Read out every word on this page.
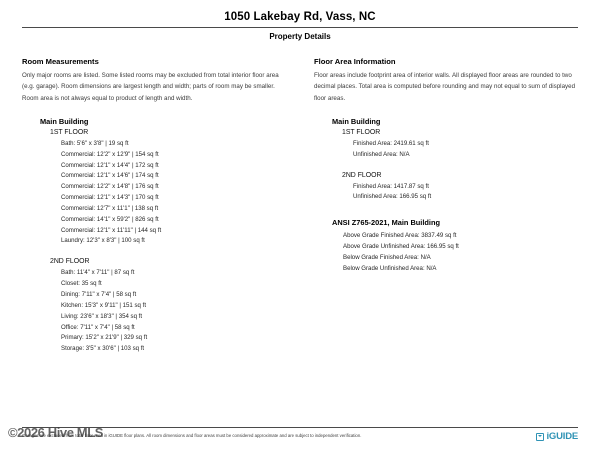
1050 Lakebay Rd, Vass, NC
Property Details
Room Measurements

Only major rooms are listed. Some listed rooms may be excluded from total interior floor area (e.g. garage). Room dimensions are largest length and width; parts of room may be smaller. Room area is not always equal to product of length and width.

Main Building
1ST FLOOR
Bath: 5'6" x 3'8" | 19 sq ft
Commercial: 12'2" x 12'9" | 154 sq ft
Commercial: 12'1" x 14'4" | 172 sq ft
Commercial: 12'1" x 14'6" | 174 sq ft
Commercial: 12'2" x 14'8" | 176 sq ft
Commercial: 12'1" x 14'3" | 170 sq ft
Commercial: 12'7" x 11'1" | 138 sq ft
Commercial: 14'1" x 59'2" | 826 sq ft
Commercial: 12'1" x 11'11" | 144 sq ft
Laundry: 12'3" x 8'3" | 100 sq ft
2ND FLOOR
Bath: 11'4" x 7'11" | 87 sq ft
Closet: 35 sq ft
Dining: 7'11" x 7'4" | 58 sq ft
Kitchen: 15'3" x 9'11" | 151 sq ft
Living: 23'6" x 18'3" | 354 sq ft
Office: 7'11" x 7'4" | 58 sq ft
Primary: 15'2" x 21'9" | 329 sq ft
Storage: 3'5" x 30'6" | 103 sq ft
Floor Area Information

Floor areas include footprint area of interior walls. All displayed floor areas are rounded to two decimal places. Total area is computed before rounding and may not equal to sum of displayed floor areas.

Main Building
1ST FLOOR
Finished Area: 2419.61 sq ft
Unfinished Area: N/A
2ND FLOOR
Finished Area: 1417.87 sq ft
Unfinished Area: 166.95 sq ft
ANSI Z765-2021, Main Building
Above Grade Finished Area: 3837.49 sq ft
Above Grade Unfinished Area: 166.95 sq ft
Below Grade Finished Area: N/A
Below Grade Unfinished Area: N/A
Garages are excluded from total floor area in iGUIDE floor plans. All room dimensions and floor areas must be considered approximate and are subject to independent verification.	iGUIDE
©2026 Hive MLS
